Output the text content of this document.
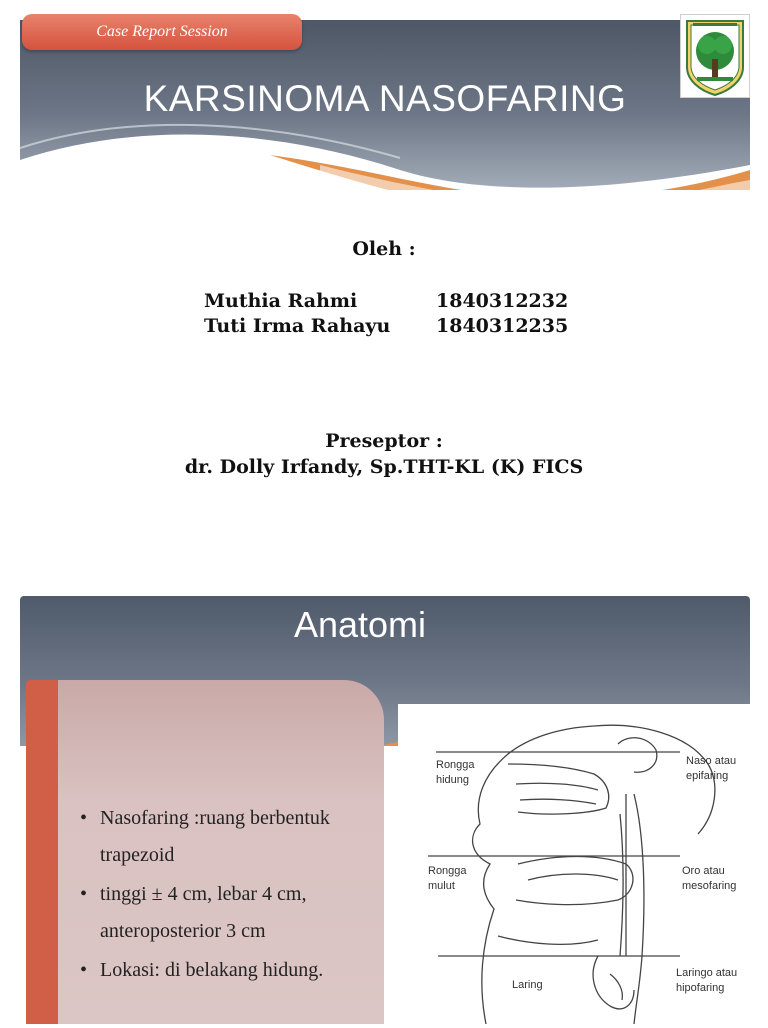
Case Report Session
KARSINOMA NASOFARING
Oleh :
Muthia Rahmi	1840312232
Tuti Irma Rahayu	1840312235
Preseptor :
dr. Dolly Irfandy, Sp.THT-KL (K) FICS
Anatomi
• Nasofaring :ruang berbentuk trapezoid
• tinggi ± 4 cm, lebar 4 cm, anteroposterior 3 cm
• Lokasi: di belakang hidung.
Rongga hidung
Naso atau epifaring
Rongga mulut
Oro atau mesofaring
Laring
Laringo atau hipofaring
